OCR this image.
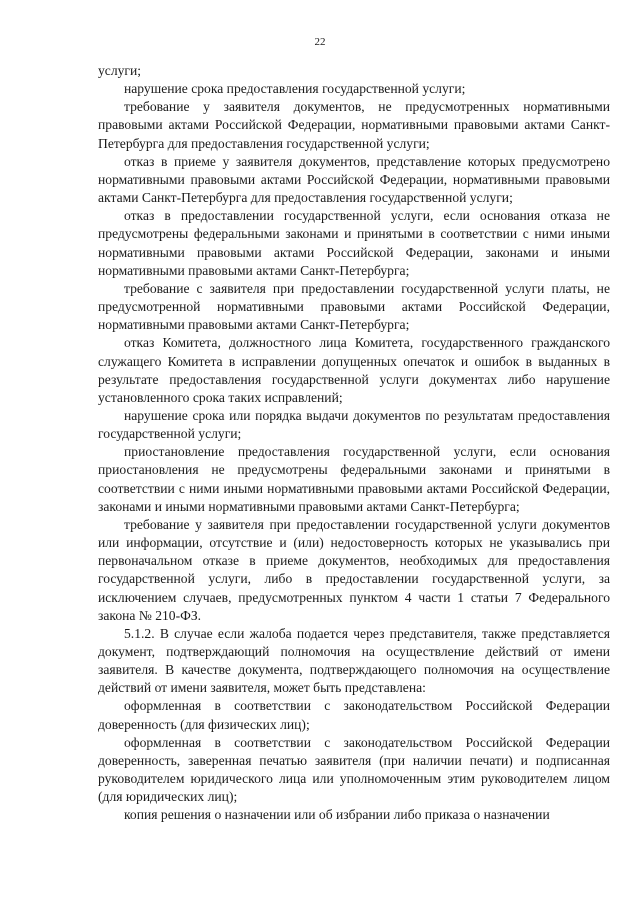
22

услуги;

нарушение срока предоставления государственной услуги;

требование у заявителя документов, не предусмотренных нормативными правовыми актами Российской Федерации, нормативными правовыми актами Санкт-Петербурга для предоставления государственной услуги;

отказ в приеме у заявителя документов, представление которых предусмотрено нормативными правовыми актами Российской Федерации, нормативными правовыми актами Санкт-Петербурга для предоставления государственной услуги;

отказ в предоставлении государственной услуги, если основания отказа не предусмотрены федеральными законами и принятыми в соответствии с ними иными нормативными правовыми актами Российской Федерации, законами и иными нормативными правовыми актами Санкт-Петербурга;

требование с заявителя при предоставлении государственной услуги платы, не предусмотренной нормативными правовыми актами Российской Федерации, нормативными правовыми актами Санкт-Петербурга;

отказ Комитета, должностного лица Комитета, государственного гражданского служащего Комитета в исправлении допущенных опечаток и ошибок в выданных в результате предоставления государственной услуги документах либо нарушение установленного срока таких исправлений;

нарушение срока или порядка выдачи документов по результатам предоставления государственной услуги;

приостановление предоставления государственной услуги, если основания приостановления не предусмотрены федеральными законами и принятыми в соответствии с ними иными нормативными правовыми актами Российской Федерации, законами и иными нормативными правовыми актами Санкт-Петербурга;

требование у заявителя при предоставлении государственной услуги документов или информации, отсутствие и (или) недостоверность которых не указывались при первоначальном отказе в приеме документов, необходимых для предоставления государственной услуги, либо в предоставлении государственной услуги, за исключением случаев, предусмотренных пунктом 4 части 1 статьи 7 Федерального закона № 210-ФЗ.

5.1.2. В случае если жалоба подается через представителя, также представляется документ, подтверждающий полномочия на осуществление действий от имени заявителя. В качестве документа, подтверждающего полномочия на осуществление действий от имени заявителя, может быть представлена:

оформленная в соответствии с законодательством Российской Федерации доверенность (для физических лиц);

оформленная в соответствии с законодательством Российской Федерации доверенность, заверенная печатью заявителя (при наличии печати) и подписанная руководителем юридического лица или уполномоченным этим руководителем лицом (для юридических лиц);

копия решения о назначении или об избрании либо приказа о назначении
